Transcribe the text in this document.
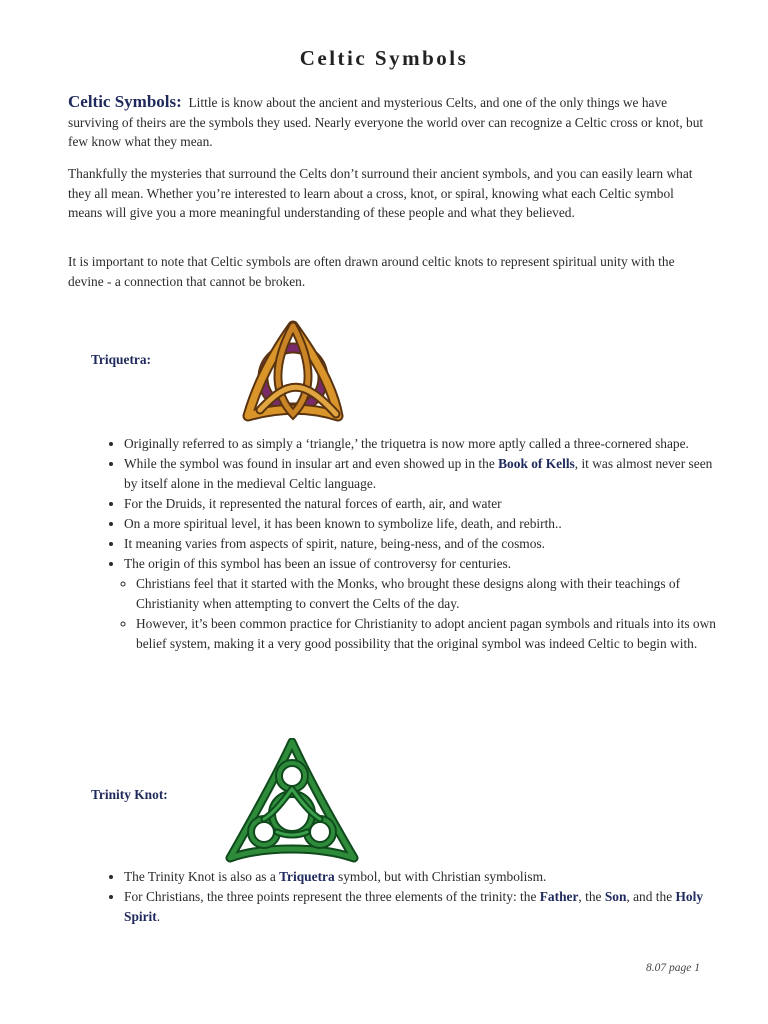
Celtic Symbols

Celtic Symbols: Little is know about the ancient and mysterious Celts, and one of the only things we have surviving of theirs are the symbols they used. Nearly everyone the world over can recognize a Celtic cross or knot, but few know what they mean.

Thankfully the mysteries that surround the Celts don’t surround their ancient symbols, and you can easily learn what they all mean. Whether you’re interested to learn about a cross, knot, or spiral, knowing what each Celtic symbol means will give you a more meaningful understanding of these people and what they believed.

It is important to note that Celtic symbols are often drawn around celtic knots to represent spiritual unity with the devine - a connection that cannot be broken.

Triquetra:
• Originally referred to as simply a ‘triangle,’ the triquetra is now more aptly called a three-cornered shape.
• While the symbol was found in insular art and even showed up in the Book of Kells, it was almost never seen by itself alone in the medieval Celtic language.
• For the Druids, it represented the natural forces of earth, air, and water
• On a more spiritual level, it has been known to symbolize life, death, and rebirth..
• It meaning varies from aspects of spirit, nature, being-ness, and of the cosmos.
• The origin of this symbol has been an issue of controversy for centuries.
◦ Christians feel that it started with the Monks, who brought these designs along with their teachings of Christianity when attempting to convert the Celts of the day.
◦ However, it’s been common practice for Christianity to adopt ancient pagan symbols and rituals into its own belief system, making it a very good possibility that the original symbol was indeed Celtic to begin with.
Trinity Knot:
• The Trinity Knot is also as a Triquetra symbol, but with Christian symbolism.
• For Christians, the three points represent the three elements of the trinity: the Father, the Son, and the Holy Spirit.
8.07 page 1
